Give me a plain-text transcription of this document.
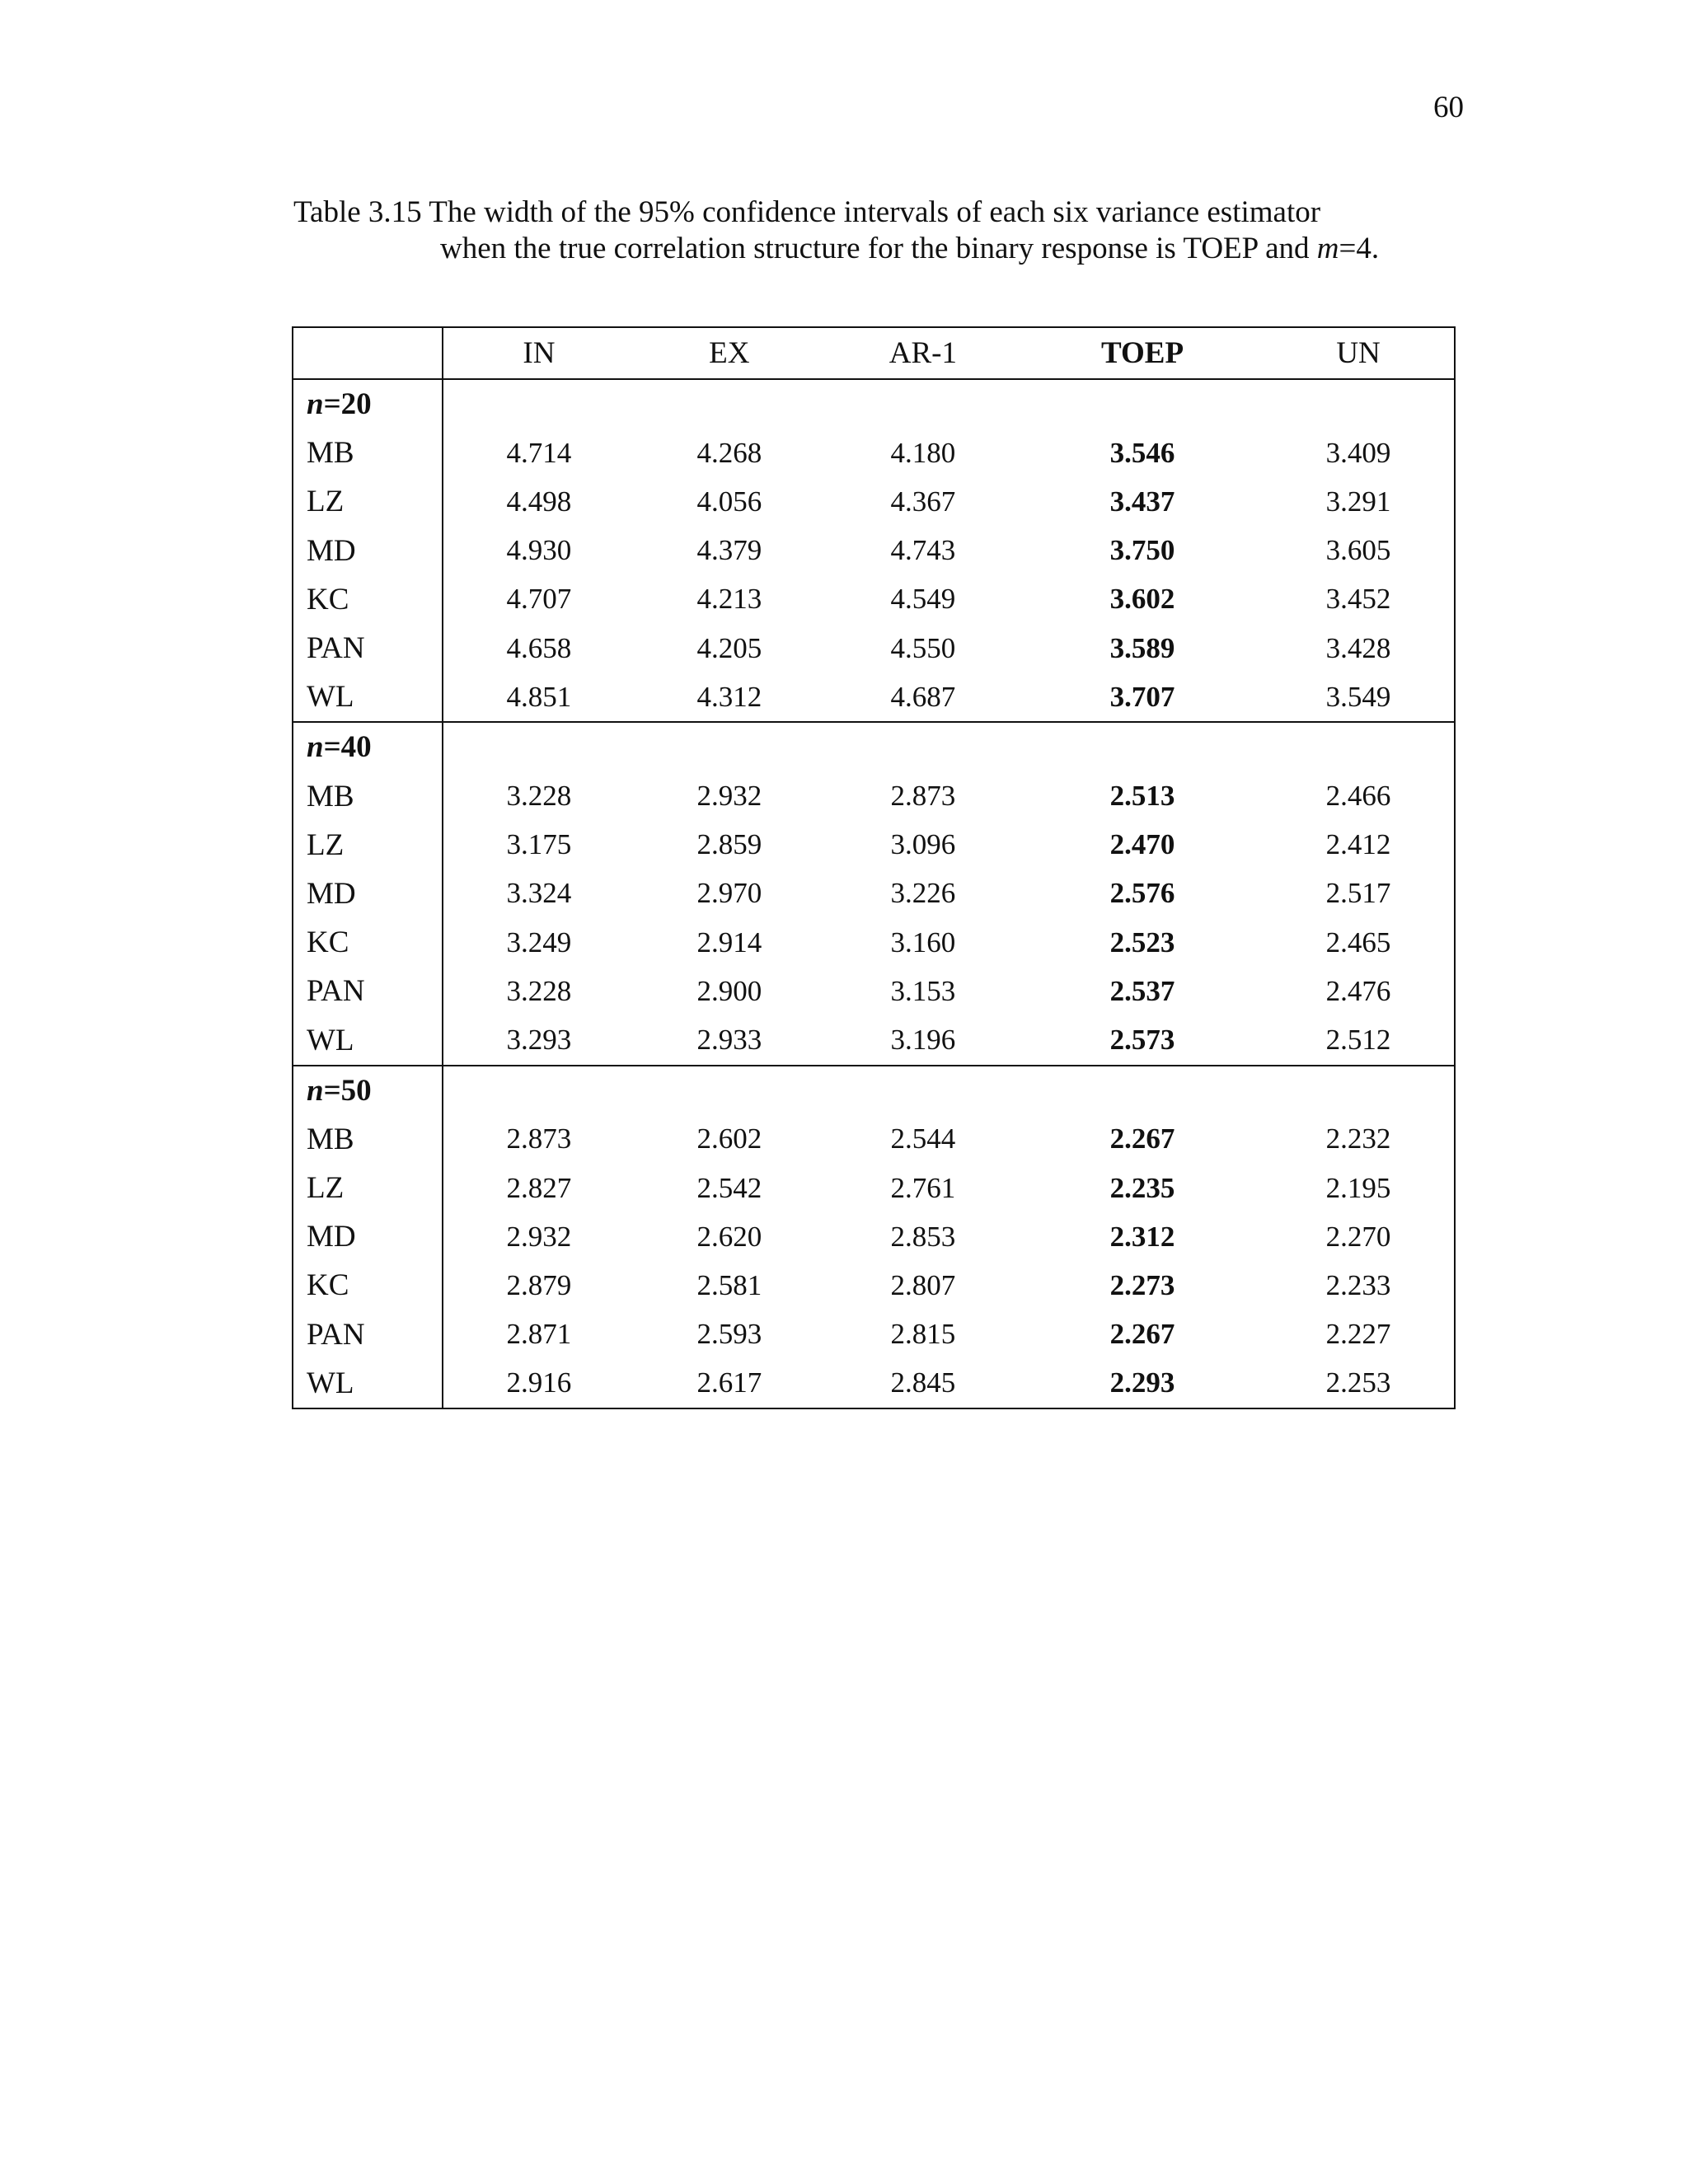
60
Table 3.15 The width of the 95% confidence intervals of each six variance estimator
when the true correlation structure for the binary response is TOEP and m=4.
	IN	EX	AR-1	TOEP	UN
n=20					
MB	4.714	4.268	4.180	3.546	3.409
LZ	4.498	4.056	4.367	3.437	3.291
MD	4.930	4.379	4.743	3.750	3.605
KC	4.707	4.213	4.549	3.602	3.452
PAN	4.658	4.205	4.550	3.589	3.428
WL	4.851	4.312	4.687	3.707	3.549
n=40					
MB	3.228	2.932	2.873	2.513	2.466
LZ	3.175	2.859	3.096	2.470	2.412
MD	3.324	2.970	3.226	2.576	2.517
KC	3.249	2.914	3.160	2.523	2.465
PAN	3.228	2.900	3.153	2.537	2.476
WL	3.293	2.933	3.196	2.573	2.512
n=50					
MB	2.873	2.602	2.544	2.267	2.232
LZ	2.827	2.542	2.761	2.235	2.195
MD	2.932	2.620	2.853	2.312	2.270
KC	2.879	2.581	2.807	2.273	2.233
PAN	2.871	2.593	2.815	2.267	2.227
WL	2.916	2.617	2.845	2.293	2.253
